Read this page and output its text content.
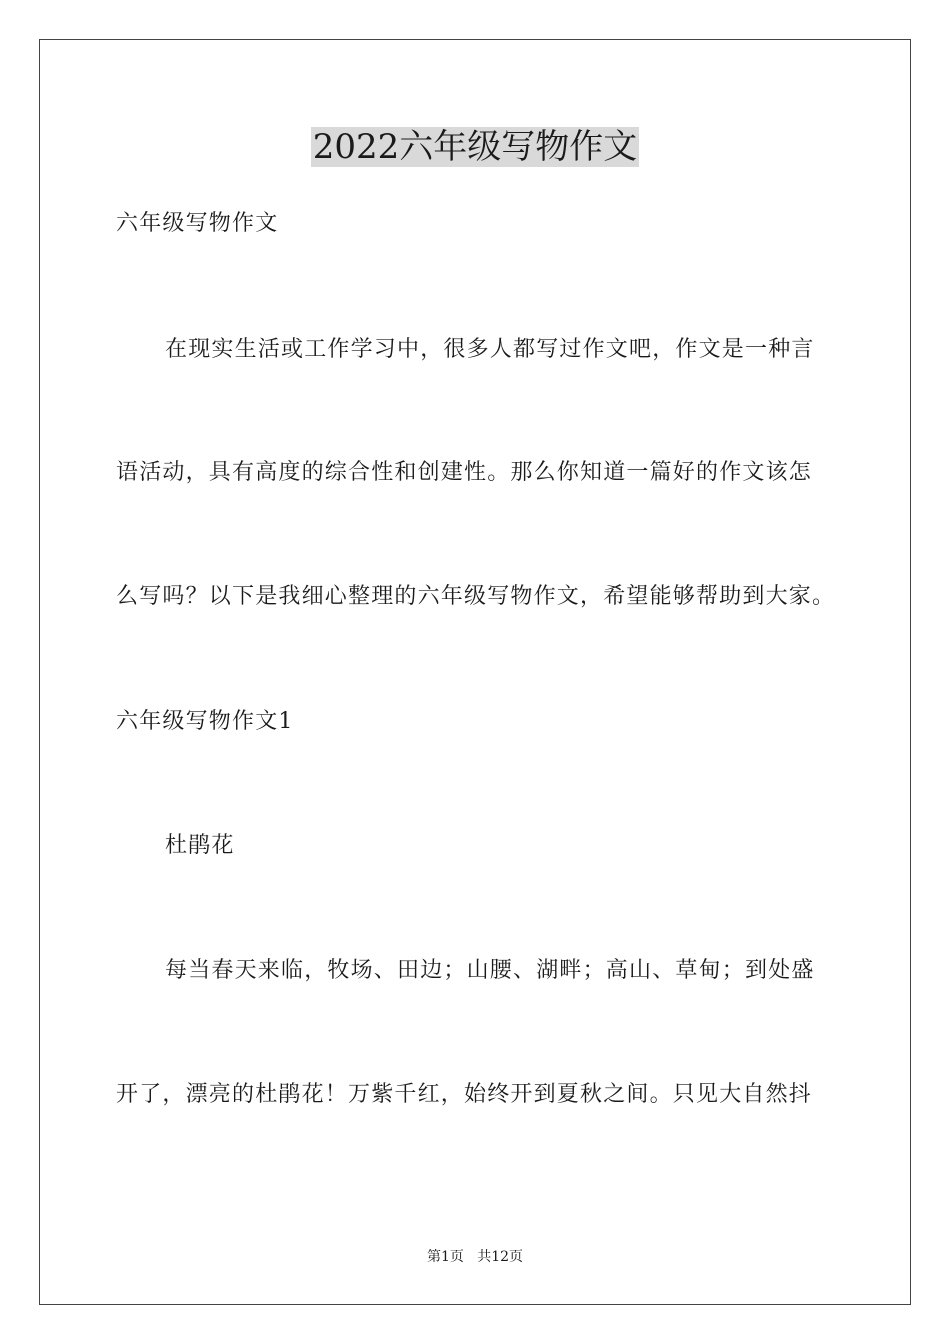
2022六年级写物作文
六年级写物作文
在现实生活或工作学习中，很多人都写过作文吧，作文是一种言
语活动，具有高度的综合性和创建性。那么你知道一篇好的作文该怎
么写吗？以下是我细心整理的六年级写物作文，希望能够帮助到大家。
六年级写物作文1
杜鹃花
每当春天来临，牧场、田边；山腰、湖畔；高山、草甸；到处盛
开了，漂亮的杜鹃花！万紫千红，始终开到夏秋之间。只见大自然抖
第1页   共12页
